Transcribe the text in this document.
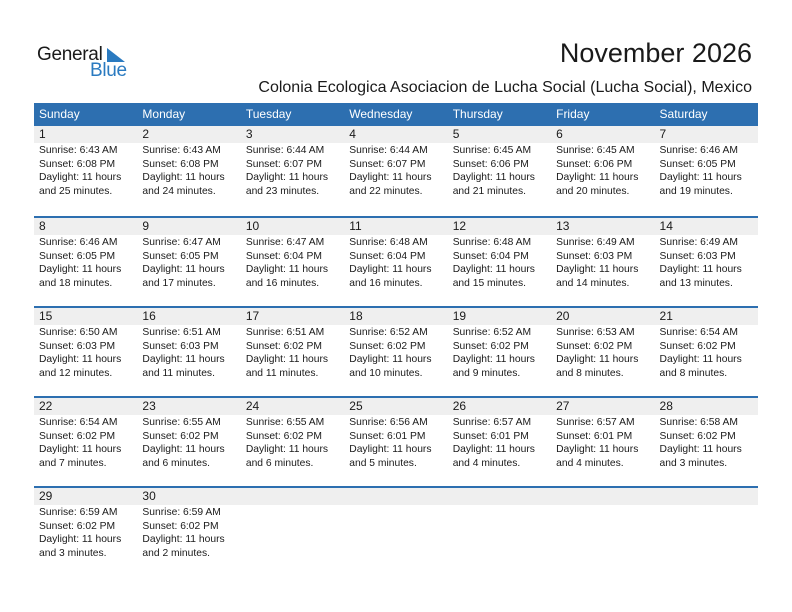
General
Blue
November 2026
Colonia Ecologica Asociacion de Lucha Social (Lucha Social), Mexico
Sunday	Monday	Tuesday	Wednesday	Thursday	Friday	Saturday
1	2	3	4	5	6	7
Sunrise: 6:43 AM
Sunset: 6:08 PM
Daylight: 11 hours
and 25 minutes.
Sunrise: 6:43 AM
Sunset: 6:08 PM
Daylight: 11 hours
and 24 minutes.
Sunrise: 6:44 AM
Sunset: 6:07 PM
Daylight: 11 hours
and 23 minutes.
Sunrise: 6:44 AM
Sunset: 6:07 PM
Daylight: 11 hours
and 22 minutes.
Sunrise: 6:45 AM
Sunset: 6:06 PM
Daylight: 11 hours
and 21 minutes.
Sunrise: 6:45 AM
Sunset: 6:06 PM
Daylight: 11 hours
and 20 minutes.
Sunrise: 6:46 AM
Sunset: 6:05 PM
Daylight: 11 hours
and 19 minutes.
8	9	10	11	12	13	14
Sunrise: 6:46 AM
Sunset: 6:05 PM
Daylight: 11 hours
and 18 minutes.
Sunrise: 6:47 AM
Sunset: 6:05 PM
Daylight: 11 hours
and 17 minutes.
Sunrise: 6:47 AM
Sunset: 6:04 PM
Daylight: 11 hours
and 16 minutes.
Sunrise: 6:48 AM
Sunset: 6:04 PM
Daylight: 11 hours
and 16 minutes.
Sunrise: 6:48 AM
Sunset: 6:04 PM
Daylight: 11 hours
and 15 minutes.
Sunrise: 6:49 AM
Sunset: 6:03 PM
Daylight: 11 hours
and 14 minutes.
Sunrise: 6:49 AM
Sunset: 6:03 PM
Daylight: 11 hours
and 13 minutes.
15	16	17	18	19	20	21
Sunrise: 6:50 AM
Sunset: 6:03 PM
Daylight: 11 hours
and 12 minutes.
Sunrise: 6:51 AM
Sunset: 6:03 PM
Daylight: 11 hours
and 11 minutes.
Sunrise: 6:51 AM
Sunset: 6:02 PM
Daylight: 11 hours
and 11 minutes.
Sunrise: 6:52 AM
Sunset: 6:02 PM
Daylight: 11 hours
and 10 minutes.
Sunrise: 6:52 AM
Sunset: 6:02 PM
Daylight: 11 hours
and 9 minutes.
Sunrise: 6:53 AM
Sunset: 6:02 PM
Daylight: 11 hours
and 8 minutes.
Sunrise: 6:54 AM
Sunset: 6:02 PM
Daylight: 11 hours
and 8 minutes.
22	23	24	25	26	27	28
Sunrise: 6:54 AM
Sunset: 6:02 PM
Daylight: 11 hours
and 7 minutes.
Sunrise: 6:55 AM
Sunset: 6:02 PM
Daylight: 11 hours
and 6 minutes.
Sunrise: 6:55 AM
Sunset: 6:02 PM
Daylight: 11 hours
and 6 minutes.
Sunrise: 6:56 AM
Sunset: 6:01 PM
Daylight: 11 hours
and 5 minutes.
Sunrise: 6:57 AM
Sunset: 6:01 PM
Daylight: 11 hours
and 4 minutes.
Sunrise: 6:57 AM
Sunset: 6:01 PM
Daylight: 11 hours
and 4 minutes.
Sunrise: 6:58 AM
Sunset: 6:02 PM
Daylight: 11 hours
and 3 minutes.
29	30
Sunrise: 6:59 AM
Sunset: 6:02 PM
Daylight: 11 hours
and 3 minutes.
Sunrise: 6:59 AM
Sunset: 6:02 PM
Daylight: 11 hours
and 2 minutes.
